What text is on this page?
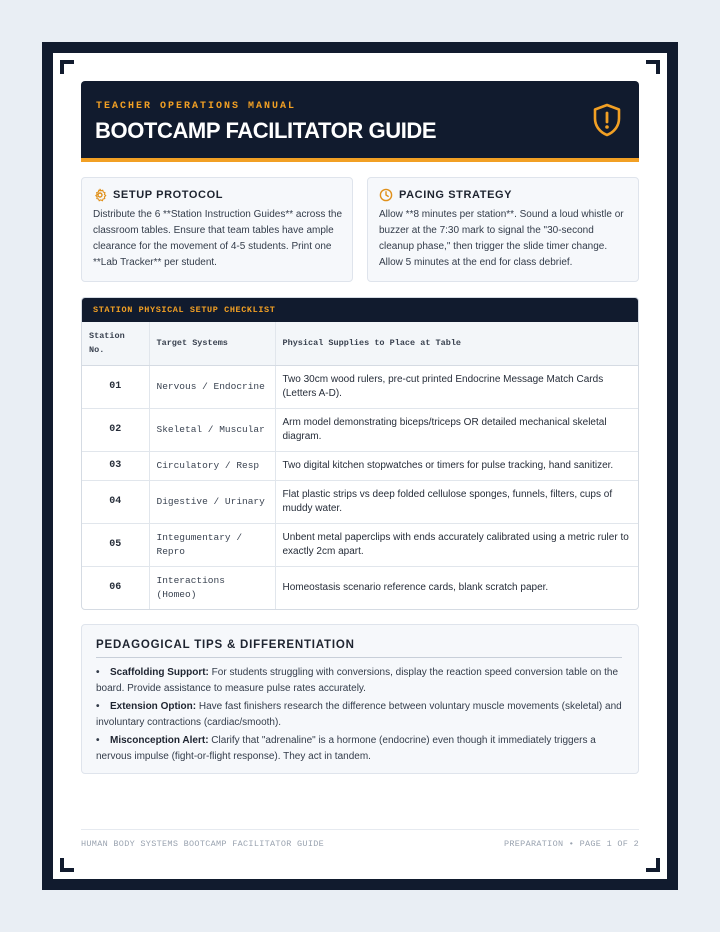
TEACHER OPERATIONS MANUAL
BOOTCAMP FACILITATOR GUIDE
SETUP PROTOCOL
Distribute the 6 **Station Instruction Guides** across the classroom tables. Ensure that team tables have ample clearance for the movement of 4-5 students. Print one **Lab Tracker** per student.
PACING STRATEGY
Allow **8 minutes per station**. Sound a loud whistle or buzzer at the 7:30 mark to signal the "30-second cleanup phase," then trigger the slide timer change. Allow 5 minutes at the end for class debrief.
STATION PHYSICAL SETUP CHECKLIST
Station No.	Target Systems	Physical Supplies to Place at Table
01	Nervous / Endocrine	Two 30cm wood rulers, pre-cut printed Endocrine Message Match Cards (Letters A-D).
02	Skeletal / Muscular	Arm model demonstrating biceps/triceps OR detailed mechanical skeletal diagram.
03	Circulatory / Resp	Two digital kitchen stopwatches or timers for pulse tracking, hand sanitizer.
04	Digestive / Urinary	Flat plastic strips vs deep folded cellulose sponges, funnels, filters, cups of muddy water.
05	Integumentary / Repro	Unbent metal paperclips with ends accurately calibrated using a metric ruler to exactly 2cm apart.
06	Interactions (Homeo)	Homeostasis scenario reference cards, blank scratch paper.
PEDAGOGICAL TIPS & DIFFERENTIATION
• Scaffolding Support: For students struggling with conversions, display the reaction speed conversion table on the board. Provide assistance to measure pulse rates accurately.
• Extension Option: Have fast finishers research the difference between voluntary muscle movements (skeletal) and involuntary contractions (cardiac/smooth).
• Misconception Alert: Clarify that "adrenaline" is a hormone (endocrine) even though it immediately triggers a nervous impulse (fight-or-flight response). They act in tandem.
HUMAN BODY SYSTEMS BOOTCAMP FACILITATOR GUIDE	PREPARATION • PAGE 1 OF 2
